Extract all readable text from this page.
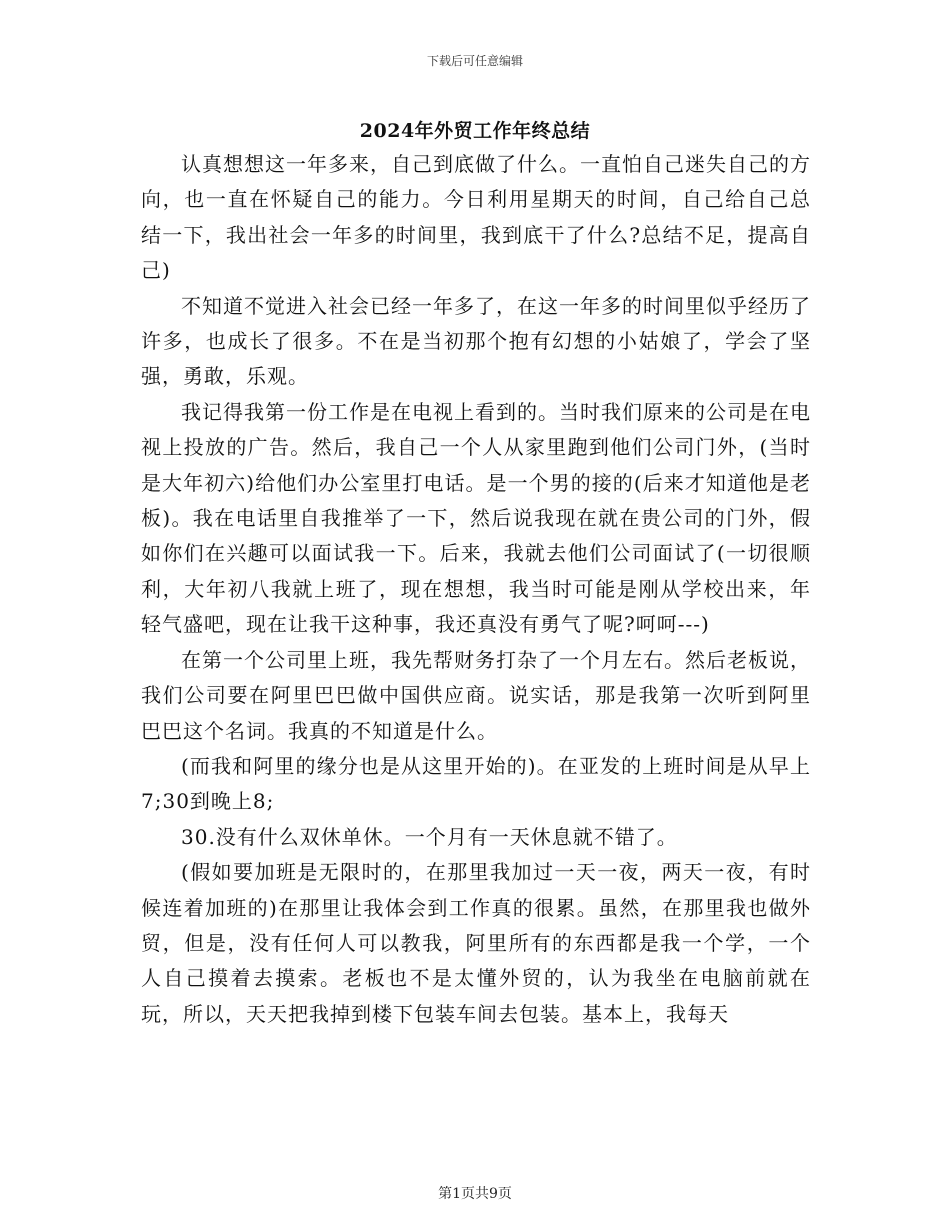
下载后可任意编辑
2024年外贸工作年终总结

认真想想这一年多来，自己到底做了什么。一直怕自己迷失自己的方向，也一直在怀疑自己的能力。今日利用星期天的时间，自己给自己总结一下，我出社会一年多的时间里，我到底干了什么?总结不足，提高自己)

不知道不觉进入社会已经一年多了，在这一年多的时间里似乎经历了许多，也成长了很多。不在是当初那个抱有幻想的小姑娘了，学会了坚强，勇敢，乐观。

我记得我第一份工作是在电视上看到的。当时我们原来的公司是在电视上投放的广告。然后，我自己一个人从家里跑到他们公司门外，(当时是大年初六)给他们办公室里打电话。是一个男的接的(后来才知道他是老板)。我在电话里自我推举了一下，然后说我现在就在贵公司的门外，假如你们在兴趣可以面试我一下。后来，我就去他们公司面试了(一切很顺利，大年初八我就上班了，现在想想，我当时可能是刚从学校出来，年轻气盛吧，现在让我干这种事，我还真没有勇气了呢?呵呵---)

在第一个公司里上班，我先帮财务打杂了一个月左右。然后老板说，我们公司要在阿里巴巴做中国供应商。说实话，那是我第一次听到阿里巴巴这个名词。我真的不知道是什么。

(而我和阿里的缘分也是从这里开始的)。在亚发的上班时间是从早上7;30到晚上8;

30.没有什么双休单休。一个月有一天休息就不错了。

(假如要加班是无限时的，在那里我加过一天一夜，两天一夜，有时候连着加班的)在那里让我体会到工作真的很累。虽然，在那里我也做外贸，但是，没有任何人可以教我，阿里所有的东西都是我一个学，一个人自己摸着去摸索。老板也不是太懂外贸的，认为我坐在电脑前就在玩，所以，天天把我掉到楼下包装车间去包装。基本上，我每天

第1页共9页
